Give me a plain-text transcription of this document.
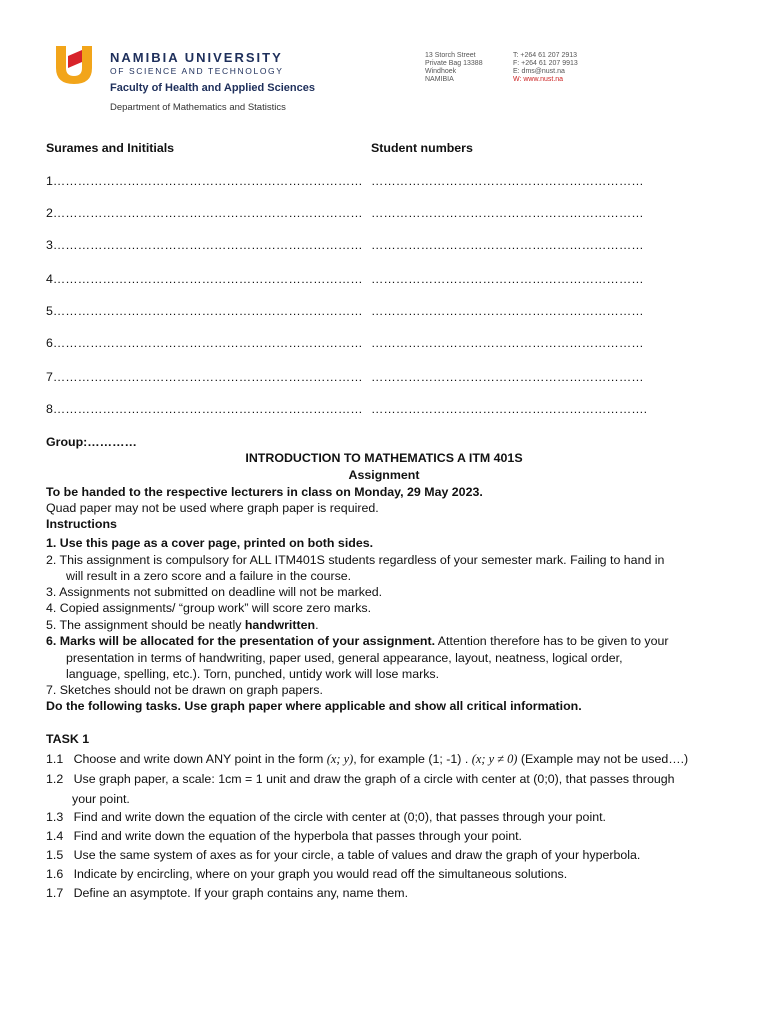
NAMIBIA UNIVERSITY
OF SCIENCE AND TECHNOLOGY
Faculty of Health and Applied Sciences
Department of Mathematics and Statistics
13 Storch Street
Private Bag 13388
Windhoek
NAMIBIA
T: +264 61 207 2913
F: +264 61 207 9913
E: dms@nust.na
W: www.nust.na
Surames and Inititials	Student numbers
1………………………………………………………………… …………………………………………………………
2………………………………………………………………… …………………………………………………………
3………………………………………………………………… …………………………………………………………
4………………………………………………………………… …………………………………………………………
5………………………………………………………………… …………………………………………………………
6………………………………………………………………… …………………………………………………………
7………………………………………………………………… …………………………………………………………
8………………………………………………………………… ………………………………………………………….
Group:…………
INTRODUCTION TO MATHEMATICS A ITM 401S
Assignment
To be handed to the respective lecturers in class on Monday, 29 May 2023.
Quad paper may not be used where graph paper is required.
Instructions
1. Use this page as a cover page, printed on both sides.
2. This assignment is compulsory for ALL ITM401S students regardless of your semester mark. Failing to hand in
will result in a zero score and a failure in the course.
3. Assignments not submitted on deadline will not be marked.
4. Copied assignments/ “group work” will score zero marks.
5. The assignment should be neatly handwritten.
6. Marks will be allocated for the presentation of your assignment. Attention therefore has to be given to your
presentation in terms of handwriting, paper used, general appearance, layout, neatness, logical order,
language, spelling, etc.). Torn, punched, untidy work will lose marks.
7. Sketches should not be drawn on graph papers.
Do the following tasks. Use graph paper where applicable and show all critical information.
TASK 1
1.1 Choose and write down ANY point in the form (x; y), for example (1; -1) . (x; y ≠ 0) (Example may not be used….)
1.2 Use graph paper, a scale: 1cm = 1 unit and draw the graph of a circle with center at (0;0), that passes through
your point.
1.3 Find and write down the equation of the circle with center at (0;0), that passes through your point.
1.4 Find and write down the equation of the hyperbola that passes through your point.
1.5 Use the same system of axes as for your circle, a table of values and draw the graph of your hyperbola.
1.6 Indicate by encircling, where on your graph you would read off the simultaneous solutions.
1.7 Define an asymptote. If your graph contains any, name them.
